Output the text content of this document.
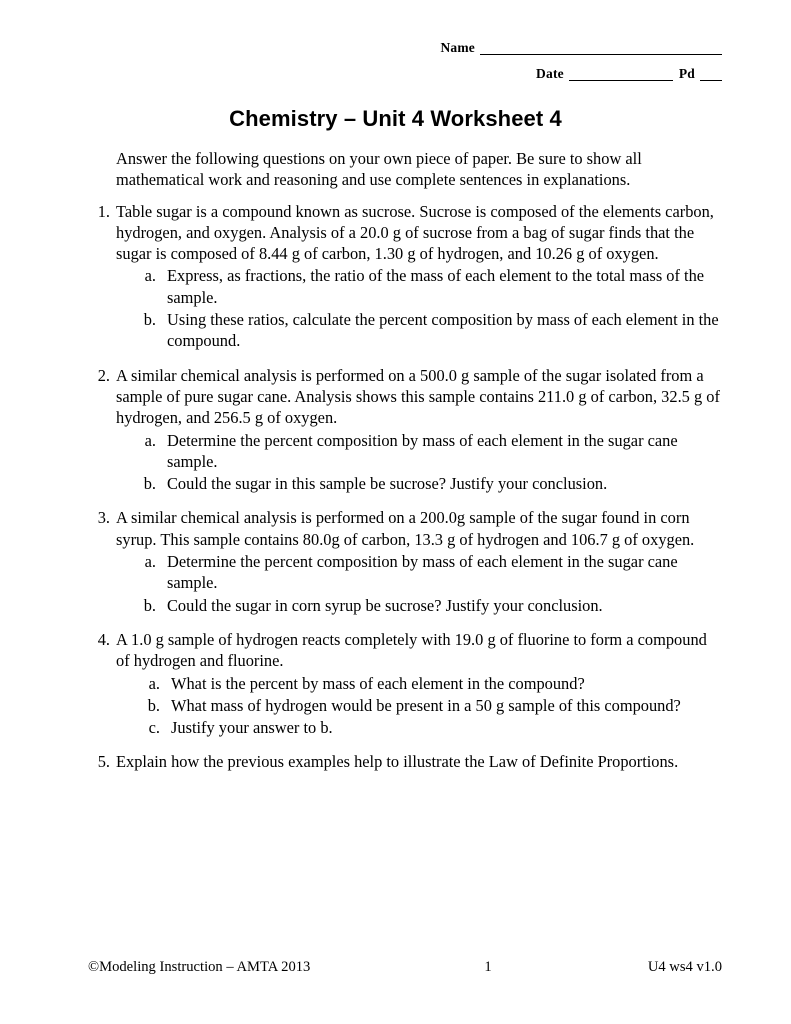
Name
Date	Pd
Chemistry – Unit 4 Worksheet 4

Answer the following questions on your own piece of paper. Be sure to show all mathematical work and reasoning and use complete sentences in explanations.

1. Table sugar is a compound known as sucrose. Sucrose is composed of the elements carbon, hydrogen, and oxygen. Analysis of a 20.0 g of sucrose from a bag of sugar finds that the sugar is composed of 8.44 g of carbon, 1.30 g of hydrogen, and 10.26 g of oxygen.
a. Express, as fractions, the ratio of the mass of each element to the total mass of the sample.
b. Using these ratios, calculate the percent composition by mass of each element in the compound.
2. A similar chemical analysis is performed on a 500.0 g sample of the sugar isolated from a sample of pure sugar cane. Analysis shows this sample contains 211.0 g of carbon, 32.5 g of hydrogen, and 256.5 g of oxygen.
a. Determine the percent composition by mass of each element in the sugar cane sample.
b. Could the sugar in this sample be sucrose? Justify your conclusion.
3. A similar chemical analysis is performed on a 200.0g sample of the sugar found in corn syrup. This sample contains 80.0g of carbon, 13.3 g of hydrogen and 106.7 g of oxygen.
a. Determine the percent composition by mass of each element in the sugar cane sample.
b. Could the sugar in corn syrup be sucrose? Justify your conclusion.
4. A 1.0 g sample of hydrogen reacts completely with 19.0 g of fluorine to form a compound of hydrogen and fluorine.
a. What is the percent by mass of each element in the compound?
b. What mass of hydrogen would be present in a 50 g sample of this compound?
c. Justify your answer to b.
5. Explain how the previous examples help to illustrate the Law of Definite Proportions.
©Modeling Instruction – AMTA 2013	1	U4 ws4 v1.0
